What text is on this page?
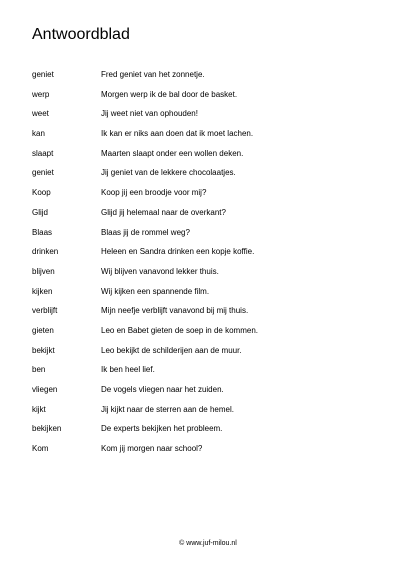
Antwoordblad
geniet	Fred geniet van het zonnetje.
werp	Morgen werp ik de bal door de basket.
weet	Jij weet niet van ophouden!
kan	Ik kan er niks aan doen dat ik moet lachen.
slaapt	Maarten slaapt onder een wollen deken.
geniet	Jij geniet van de lekkere chocolaatjes.
Koop	Koop jij een broodje voor mij?
Glijd	Glijd jij helemaal naar de overkant?
Blaas	Blaas jij de rommel weg?
drinken	Heleen en Sandra drinken een kopje koffie.
blijven	Wij blijven vanavond lekker thuis.
kijken	Wij kijken een spannende film.
verblijft	Mijn neefje verblijft vanavond bij mij thuis.
gieten	Leo en Babet gieten de soep in de kommen.
bekijkt	Leo bekijkt de schilderijen aan de muur.
ben	Ik ben heel lief.
vliegen	De vogels vliegen naar het zuiden.
kijkt	Jij kijkt naar de sterren aan de hemel.
bekijken	De experts bekijken het probleem.
Kom	Kom jij morgen naar school?
© www.juf-milou.nl
